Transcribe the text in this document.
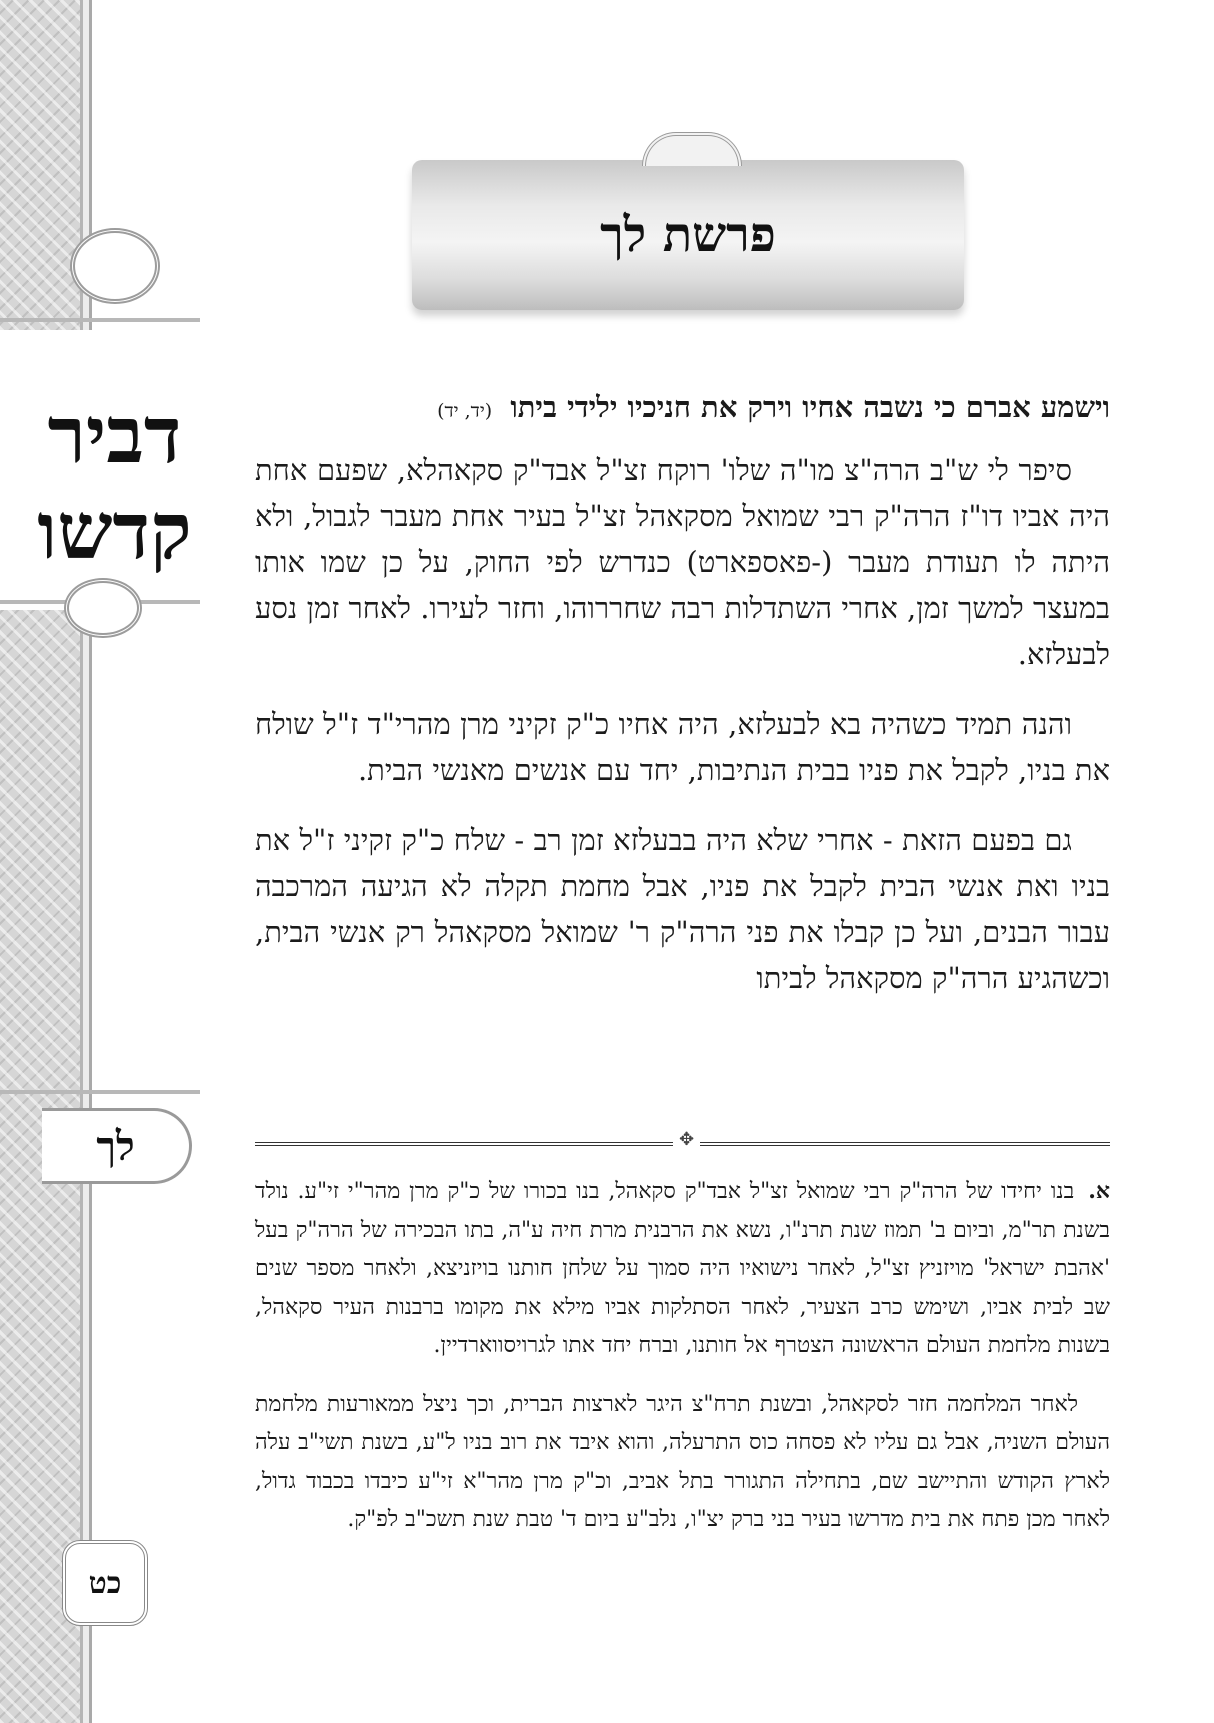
דביר
קדשו
לך
כט
פרשת לך

וישמע אברם כי נשבה אחיו וירק את חניכיו ילידי ביתו (יד, יד)

סיפר לי ש"ב הרה"צ מו"ה שלו' רוקח זצ"ל אבד"ק סקאהלא, שפעם אחת היה אביו דו"ז הרה"ק רבי שמואל מסקאהל זצ"ל בעיר אחת מעבר לגבול, ולא היתה לו תעודת מעבר (-פאספארט) כנדרש לפי החוק, על כן שמו אותו במעצר למשך זמן, אחרי השתדלות רבה שחררוהו, וחזר לעירו. לאחר זמן נסע לבעלזא.

והנה תמיד כשהיה בא לבעלזא, היה אחיו כ"ק זקיני מרן מהרי"ד ז"ל שולח את בניו, לקבל את פניו בבית הנתיבות, יחד עם אנשים מאנשי הבית.

גם בפעם הזאת - אחרי שלא היה בבעלזא זמן רב - שלח כ"ק זקיני ז"ל את בניו ואת אנשי הבית לקבל את פניו, אבל מחמת תקלה לא הגיעה המרכבה עבור הבנים, ועל כן קבלו את פני הרה"ק ר' שמואל מסקאהל רק אנשי הבית, וכשהגיע הרה"ק מסקאהל לביתו

✥

א.בנו יחידו של הרה"ק רבי שמואל זצ"ל אבד"ק סקאהל, בנו בכורו של כ"ק מרן מהר"י זי"ע. נולד בשנת תר"מ, וביום ב' תמוז שנת תרנ"ו, נשא את הרבנית מרת חיה ע"ה, בתו הבכירה של הרה"ק בעל 'אהבת ישראל' מויזניץ זצ"ל, לאחר נישואיו היה סמוך על שלחן חותנו בויזניצא, ולאחר מספר שנים שב לבית אביו, ושימש כרב הצעיר, לאחר הסתלקות אביו מילא את מקומו ברבנות העיר סקאהל, בשנות מלחמת העולם הראשונה הצטרף אל חותנו, וברח יחד אתו לגרויסווארדיין.

לאחר המלחמה חזר לסקאהל, ובשנת תרח"צ היגר לארצות הברית, וכך ניצל ממאורעות מלחמת העולם השניה, אבל גם עליו לא פסחה כוס התרעלה, והוא איבד את רוב בניו ל"ע, בשנת תשי"ב עלה לארץ הקודש והתיישב שם, בתחילה התגורר בתל אביב, וכ"ק מרן מהר"א זי"ע כיבדו בכבוד גדול, לאחר מכן פתח את בית מדרשו בעיר בני ברק יצ"ו, נלב"ע ביום ד' טבת שנת תשכ"ב לפ"ק.
